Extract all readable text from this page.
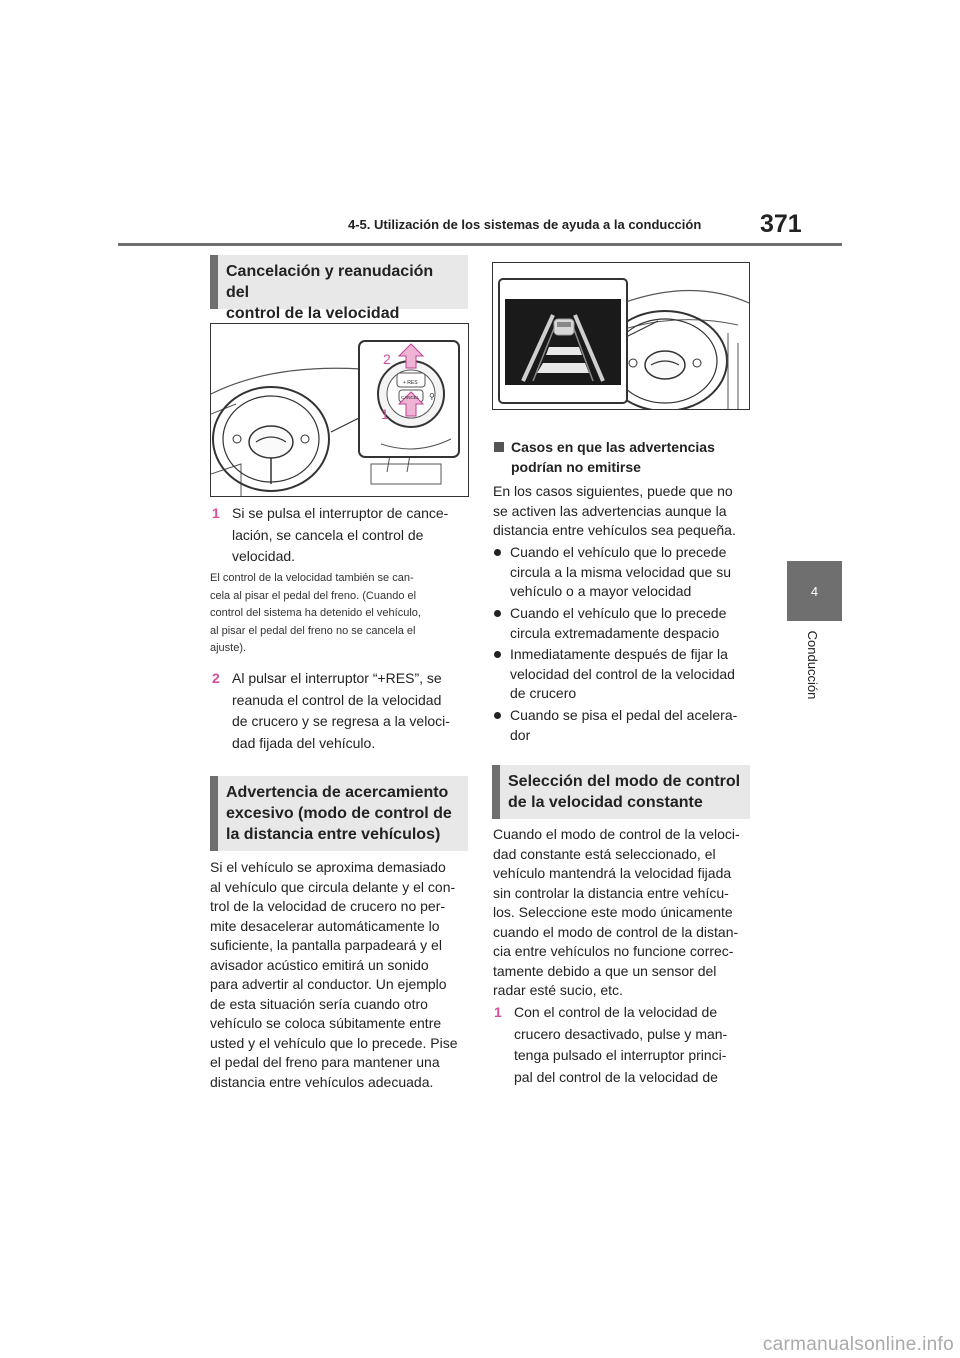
4-5. Utilización de los sistemas de ayuda a la conducción 371
4
Conducción
Cancelación y reanudación del
control de la velocidad
2
1
+ RES
CANCEL ⚲
1 Si se pulsa el interruptor de cance-
lación, se cancela el control de
velocidad.
El control de la velocidad también se can-
cela al pisar el pedal del freno. (Cuando el
control del sistema ha detenido el vehículo,
al pisar el pedal del freno no se cancela el
ajuste).
2 Al pulsar el interruptor “+RES”, se
reanuda el control de la velocidad
de crucero y se regresa a la veloci-
dad fijada del vehículo.
Advertencia de acercamiento
excesivo (modo de control de
la distancia entre vehículos)
Si el vehículo se aproxima demasiado
al vehículo que circula delante y el con-
trol de la velocidad de crucero no per-
mite desacelerar automáticamente lo
suficiente, la pantalla parpadeará y el
avisador acústico emitirá un sonido
para advertir al conductor. Un ejemplo
de esta situación sería cuando otro
vehículo se coloca súbitamente entre
usted y el vehículo que lo precede. Pise
el pedal del freno para mantener una
distancia entre vehículos adecuada.
Casos en que las advertencias
podrían no emitirse
En los casos siguientes, puede que no
se activen las advertencias aunque la
distancia entre vehículos sea pequeña.
Cuando el vehículo que lo precede
circula a la misma velocidad que su
vehículo o a mayor velocidad
Cuando el vehículo que lo precede
circula extremadamente despacio
Inmediatamente después de fijar la
velocidad del control de la velocidad
de crucero
Cuando se pisa el pedal del acelera-
dor
Selección del modo de control
de la velocidad constante
Cuando el modo de control de la veloci-
dad constante está seleccionado, el
vehículo mantendrá la velocidad fijada
sin controlar la distancia entre vehícu-
los. Seleccione este modo únicamente
cuando el modo de control de la distan-
cia entre vehículos no funcione correc-
tamente debido a que un sensor del
radar esté sucio, etc.
1 Con el control de la velocidad de
crucero desactivado, pulse y man-
tenga pulsado el interruptor princi-
pal del control de la velocidad de
carmanualsonline.info
